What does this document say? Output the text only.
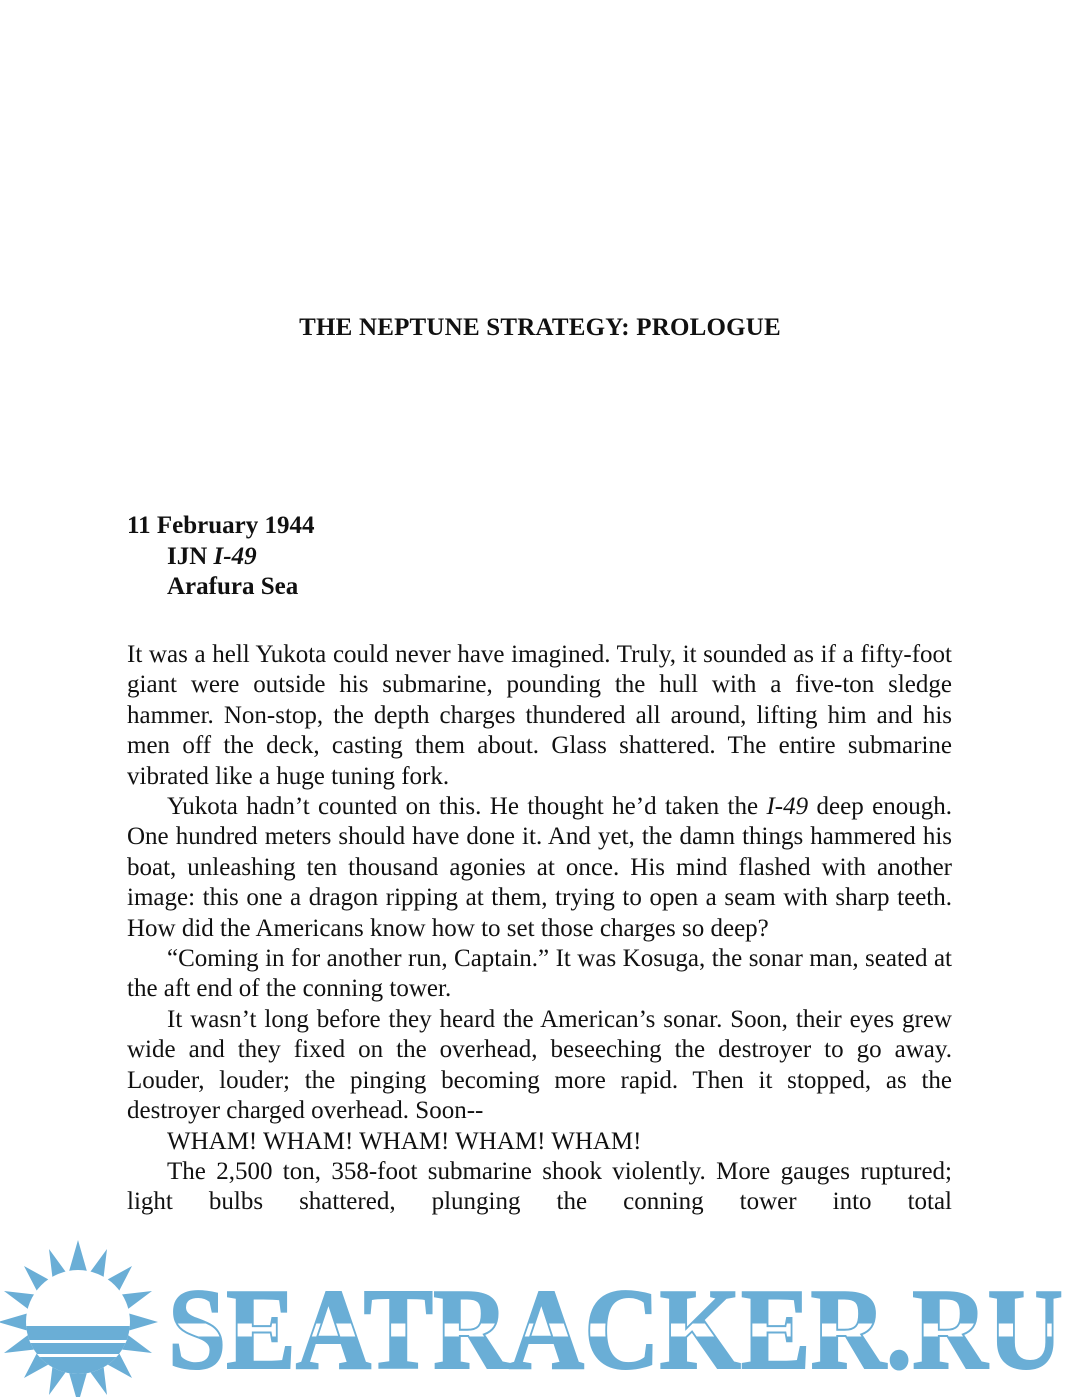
THE NEPTUNE STRATEGY: PROLOGUE
11 February 1944
IJN I-49
Arafura Sea

It was a hell Yukota could never have imagined. Truly, it sounded as if a fifty-foot giant were outside his submarine, pounding the hull with a five-ton sledge hammer. Non-stop, the depth charges thundered all around, lifting him and his men off the deck, casting them about. Glass shattered. The entire submarine vibrated like a huge tuning fork.

Yukota hadn’t counted on this. He thought he’d taken the I-49 deep enough. One hundred meters should have done it. And yet, the damn things hammered his boat, unleashing ten thousand agonies at once. His mind flashed with another image: this one a dragon ripping at them, trying to open a seam with sharp teeth. How did the Americans know how to set those charges so deep?

“Coming in for another run, Captain.” It was Kosuga, the sonar man, seated at the aft end of the conning tower.

It wasn’t long before they heard the American’s sonar. Soon, their eyes grew wide and they fixed on the overhead, beseeching the destroyer to go away. Louder, louder; the pinging becoming more rapid. Then it stopped, as the destroyer charged overhead. Soon--

WHAM! WHAM! WHAM! WHAM! WHAM!

The 2,500 ton, 358-foot submarine shook violently. More gauges ruptured; light bulbs shattered, plunging the conning tower into total

SEATRACKER.RU
